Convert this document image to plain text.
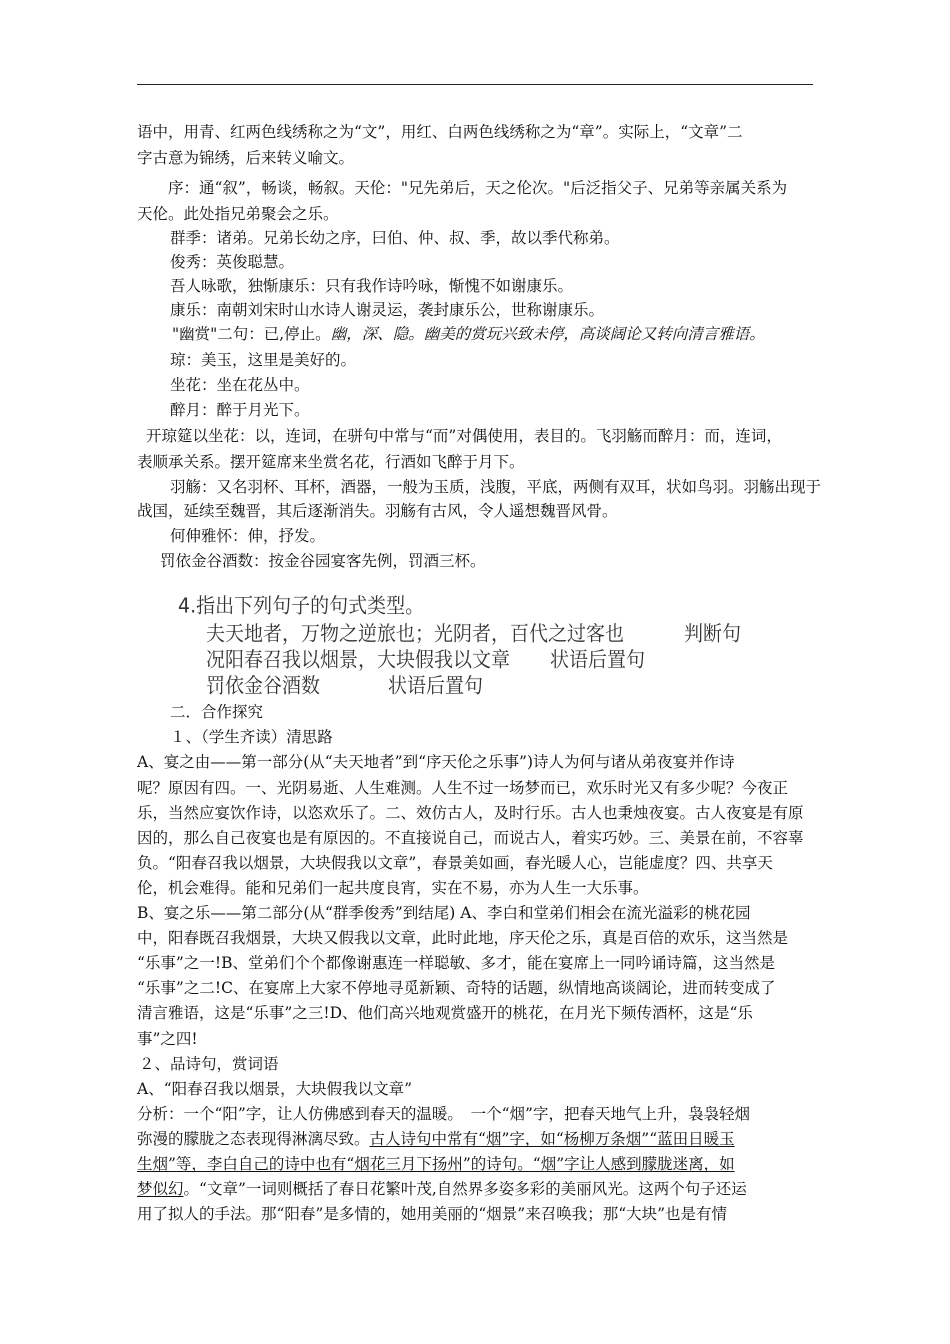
语中，用青、红两色线绣称之为“文”，用红、白两色线绣称之为“章”。实际上，“文章”二
字古意为锦绣，后来转义喻文。
序：通“叙”，畅谈，畅叙。天伦："兄先弟后，天之伦次。"后泛指父子、兄弟等亲属关系为
天伦。此处指兄弟聚会之乐。
群季：诸弟。兄弟长幼之序，曰伯、仲、叔、季，故以季代称弟。
俊秀：英俊聪慧。
吾人咏歌，独惭康乐：只有我作诗吟咏，惭愧不如谢康乐。
康乐：南朝刘宋时山水诗人谢灵运，袭封康乐公，世称谢康乐。
"幽赏"二句：已,停止。幽，深、隐。幽美的赏玩兴致未停，高谈阔论又转向清言雅语。
琼：美玉，这里是美好的。
坐花：坐在花丛中。
醉月：醉于月光下。
开琼筵以坐花：以，连词，在骈句中常与“而”对偶使用，表目的。飞羽觞而醉月：而，连词，
表顺承关系。摆开筵席来坐赏名花，行酒如飞醉于月下。
羽觞：又名羽杯、耳杯，酒器，一般为玉质，浅腹，平底，两侧有双耳，状如鸟羽。羽觞出现于
战国，延续至魏晋，其后逐渐消失。羽觞有古风，令人遥想魏晋风骨。
何伸雅怀：伸，抒发。
罚依金谷酒数：按金谷园宴客先例，罚酒三杯。
4.指出下列句子的句式类型。
夫天地者，万物之逆旅也；光阴者，百代之过客也	判断句
况阳春召我以烟景，大块假我以文章 状语后置句
罚依金谷酒数	状语后置句
二．合作探究
１、（学生齐读）清思路
A、宴之由——第一部分(从“夫天地者”到“序天伦之乐事”)诗人为何与诸从弟夜宴并作诗
呢？原因有四。一、光阴易逝、人生难测。人生不过一场梦而已，欢乐时光又有多少呢？今夜正
乐，当然应宴饮作诗，以恣欢乐了。二、效仿古人，及时行乐。古人也秉烛夜宴。古人夜宴是有原
因的，那么自己夜宴也是有原因的。不直接说自己，而说古人，着实巧妙。三、美景在前，不容辜
负。“阳春召我以烟景，大块假我以文章”，春景美如画，春光暖人心，岂能虚度？四、共享天
伦，机会难得。能和兄弟们一起共度良宵，实在不易，亦为人生一大乐事。
B、宴之乐——第二部分(从“群季俊秀”到结尾) A、李白和堂弟们相会在流光溢彩的桃花园
中，阳春既召我烟景，大块又假我以文章，此时此地，序天伦之乐，真是百倍的欢乐，这当然是
“乐事”之一!B、堂弟们个个都像谢惠连一样聪敏、多才，能在宴席上一同吟诵诗篇，这当然是
“乐事”之二!C、在宴席上大家不停地寻觅新颖、奇特的话题，纵情地高谈阔论，进而转变成了
清言雅语，这是“乐事”之三!D、他们高兴地观赏盛开的桃花，在月光下频传酒杯，这是“乐
事”之四!
２、品诗句，赏词语
A、“阳春召我以烟景，大块假我以文章”
分析：一个“阳”字，让人仿佛感到春天的温暖。　一个“烟”字，把春天地气上升，袅袅轻烟
弥漫的朦胧之态表现得淋漓尽致。古人诗句中常有“烟”字，如“杨柳万条烟”“蓝田日暖玉
生烟”等，李白自己的诗中也有“烟花三月下扬州”的诗句。“烟”字让人感到朦胧迷离，如
梦似幻。“文章”一词则概括了春日花繁叶茂,自然界多姿多彩的美丽风光。这两个句子还运
用了拟人的手法。那“阳春”是多情的，她用美丽的“烟景”来召唤我；那“大块”也是有情
